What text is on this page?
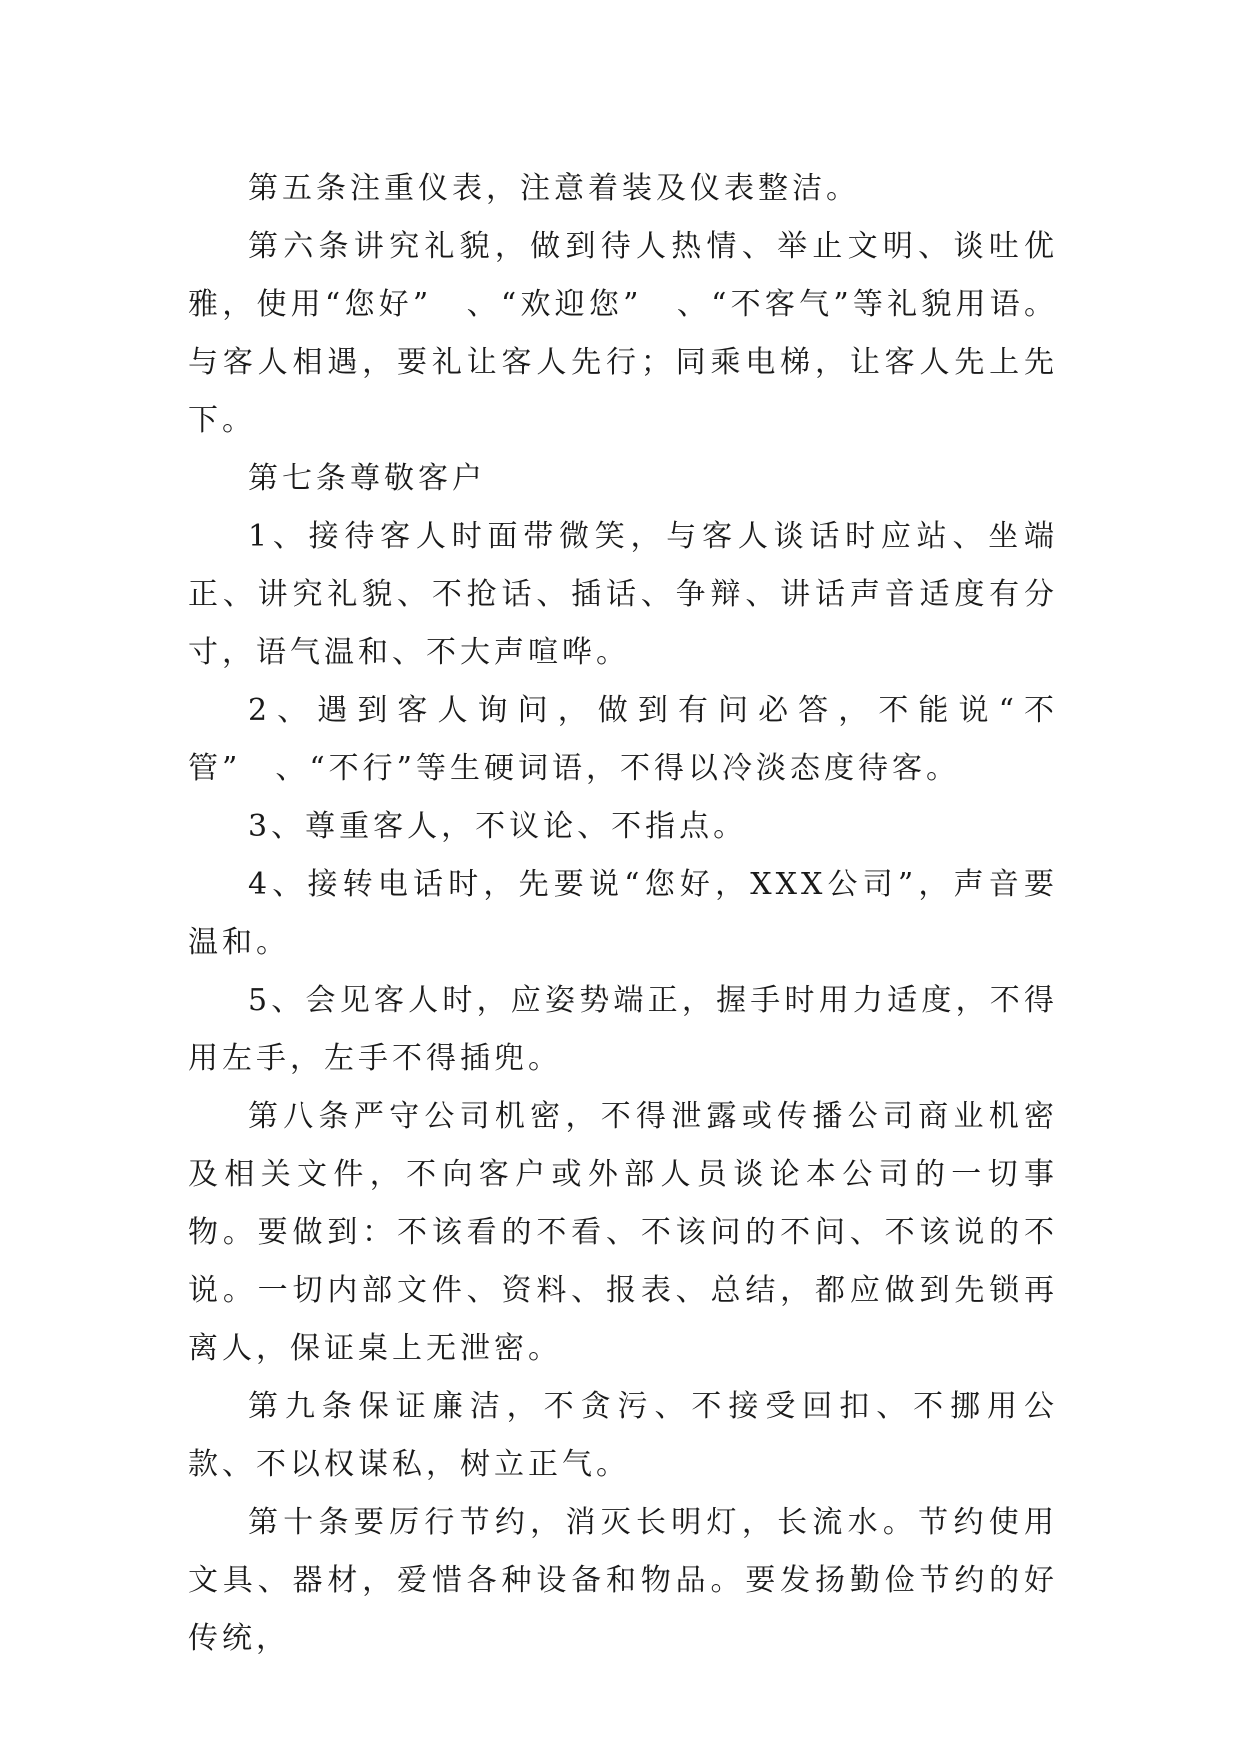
第五条注重仪表，注意着装及仪表整洁。

第六条讲究礼貌，做到待人热情、举止文明、谈吐优雅，使用“您好”　、“欢迎您”　、“不客气”等礼貌用语。与客人相遇，要礼让客人先行；同乘电梯，让客人先上先下。

第七条尊敬客户

1、接待客人时面带微笑，与客人谈话时应站、坐端正、讲究礼貌、不抢话、插话、争辩、讲话声音适度有分寸，语气温和、不大声喧哗。

2、遇到客人询问，做到有问必答，不能说“不管”　、“不行”等生硬词语，不得以冷淡态度待客。

3、尊重客人，不议论、不指点。

4、接转电话时，先要说“您好，XXX公司”，声音要温和。

5、会见客人时，应姿势端正，握手时用力适度，不得用左手，左手不得插兜。

第八条严守公司机密，不得泄露或传播公司商业机密及相关文件，不向客户或外部人员谈论本公司的一切事物。要做到：不该看的不看、不该问的不问、不该说的不说。一切内部文件、资料、报表、总结，都应做到先锁再离人，保证桌上无泄密。

第九条保证廉洁，不贪污、不接受回扣、不挪用公款、不以权谋私，树立正气。

第十条要厉行节约，消灭长明灯，长流水。节约使用文具、器材，爱惜各种设备和物品。要发扬勤俭节约的好传统，
